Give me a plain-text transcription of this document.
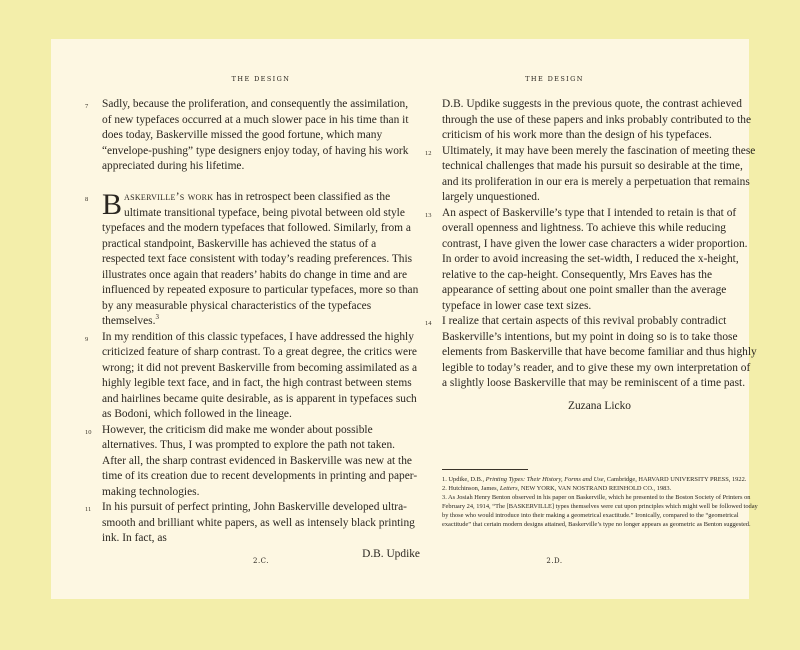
THE DESIGN

7 Sadly, because the proliferation, and consequently the assimilation, of new typefaces occurred at a much slower pace in his time than it does today, Baskerville missed the good fortune, which many “envelope-pushing” type designers enjoy today, of having his work appreciated during his lifetime.

8 B askerville’s work has in retrospect been classified as the ultimate transitional typeface, being pivotal between old style typefaces and the modern typefaces that followed. Similarly, from a practical standpoint, Baskerville has achieved the status of a respected text face consistent with today’s reading preferences. This illustrates once again that readers’ habits do change in time and are influenced by repeated exposure to particular typefaces, more so than by any measurable physical characteristics of the typefaces themselves.$^3$

9 In my rendition of this classic typefaces, I have addressed the highly criticized feature of sharp contrast. To a great degree, the critics were wrong; it did not prevent Baskerville from becoming assimilated as a highly legible text face, and in fact, the high contrast between stems and hairlines became quite desirable, as is apparent in typefaces such as Bodoni, which followed in the lineage.

10 However, the criticism did make me wonder about possible alternatives. Thus, I was prompted to explore the path not taken. After all, the sharp contrast evidenced in Baskerville was new at the time of its creation due to recent developments in printing and paper-making technologies.

11 In his pursuit of perfect printing, John Baskerville developed ultra-smooth and brilliant white papers, as well as intensely black printing ink. In fact, as

D.B. Updike
2.C.
THE DESIGN

D.B. Updike suggests in the previous quote, the contrast achieved through the use of these papers and inks probably contributed to the criticism of his work more than the design of his typefaces.

12 Ultimately, it may have been merely the fascination of meeting these technical challenges that made his pursuit so desirable at the time, and its proliferation in our era is merely a perpetuation that remains largely unquestioned.

13 An aspect of Baskerville’s type that I intended to retain is that of overall openness and lightness. To achieve this while reducing contrast, I have given the lower case characters a wider proportion. In order to avoid increasing the set-width, I reduced the x-height, relative to the cap-height. Consequently, Mrs Eaves has the appearance of setting about one point smaller than the average typeface in lower case text sizes.

14 I realize that certain aspects of this revival probably contradict Baskerville’s intentions, but my point in doing so is to take those elements from Baskerville that have become familiar and thus highly legible to today’s reader, and to give these my own interpretation of a slightly loose Baskerville that may be reminiscent of a time past.

Zuzana Licko

1. Updike, D.B., Printing Types: Their History, Forms and Use, Cambridge, HARVARD UNIVERSITY PRESS, 1922.

2. Hutchinson, James, Letters, NEW YORK, VAN NOSTRAND REINHOLD CO., 1983.

3. As Josiah Henry Benton observed in his paper on Baskerville, which he presented to the Boston Society of Printers on February 24, 1914, “The [BASKERVILLE] types themselves were cut upon principles which might well be followed today by those who would introduce into their making a geometrical exactitude.” Ironically, compared to the “geometrical exactitude” that certain modern designs attained, Baskerville’s type no longer appears as geometric as Benton suggested.

2.D.
